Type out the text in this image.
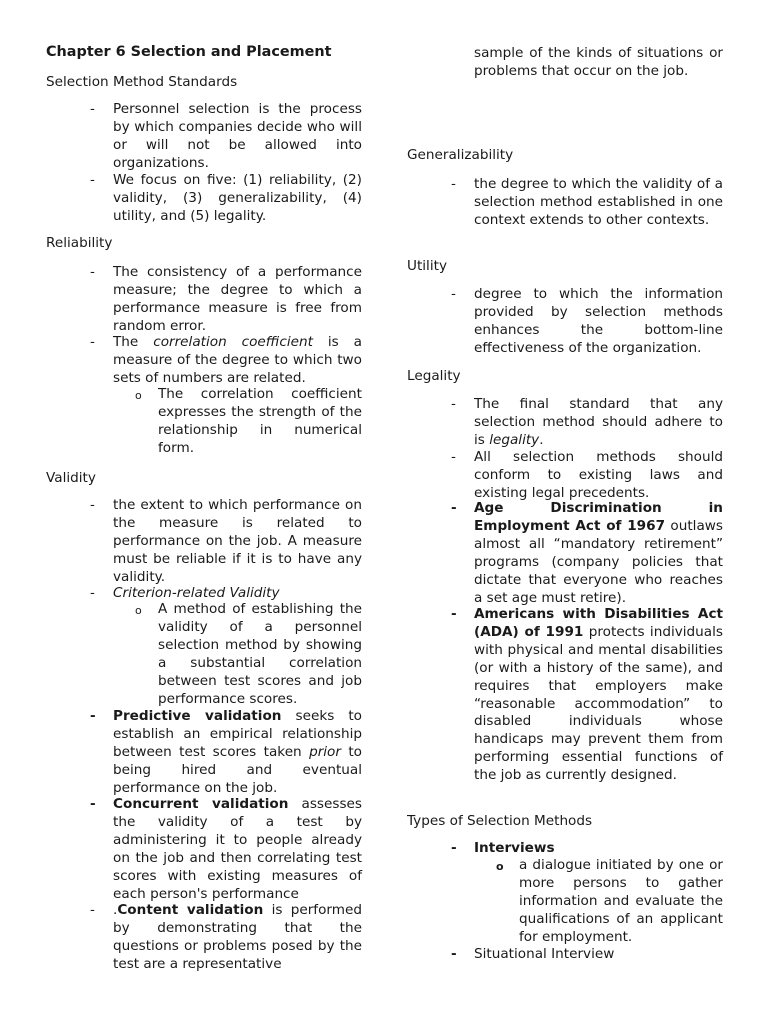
Chapter 6 Selection and Placement
Selection Method Standards
-	Personnel selection is the process by which companies decide who will or will not be allowed into organizations.
-	We focus on five: (1) reliability, (2) validity, (3) generalizability, (4) utility, and (5) legality.
Reliability
-	The consistency of a performance measure; the degree to which a performance measure is free from random error.
-	The correlation coefficient is a measure of the degree to which two sets of numbers are related.
o	The correlation coefficient expresses the strength of the relationship in numerical form.
Validity
-	the extent to which performance on the measure is related to performance on the job. A measure must be reliable if it is to have any validity.
-	Criterion-related Validity
o	A method of establishing the validity of a personnel selection method by showing a substantial correlation between test scores and job performance scores.
-	Predictive validation seeks to establish an empirical relationship between test scores taken prior to being hired and eventual performance on the job.
-	Concurrent validation assesses the validity of a test by administering it to people already on the job and then correlating test scores with existing measures of each person's performance
-	.Content validation is performed by demonstrating that the questions or problems posed by the test are a representative
sample of the kinds of situations or problems that occur on the job.
Generalizability
-	the degree to which the validity of a selection method established in one context extends to other contexts.
Utility
-	degree to which the information provided by selection methods enhances the bottom-line effectiveness of the organization.
Legality
-	The final standard that any selection method should adhere to is legality.
-	All selection methods should conform to existing laws and existing legal precedents.
-	Age Discrimination in Employment Act of 1967 outlaws almost all “mandatory retirement” programs (company policies that dictate that everyone who reaches a set age must retire).
-	Americans with Disabilities Act (ADA) of 1991 protects individuals with physical and mental disabilities (or with a history of the same), and requires that employers make “reasonable accommodation” to disabled individuals whose handicaps may prevent them from performing essential functions of the job as currently designed.
Types of Selection Methods
-	Interviews
o	a dialogue initiated by one or more persons to gather information and evaluate the qualifications of an applicant for employment.
-	Situational Interview
